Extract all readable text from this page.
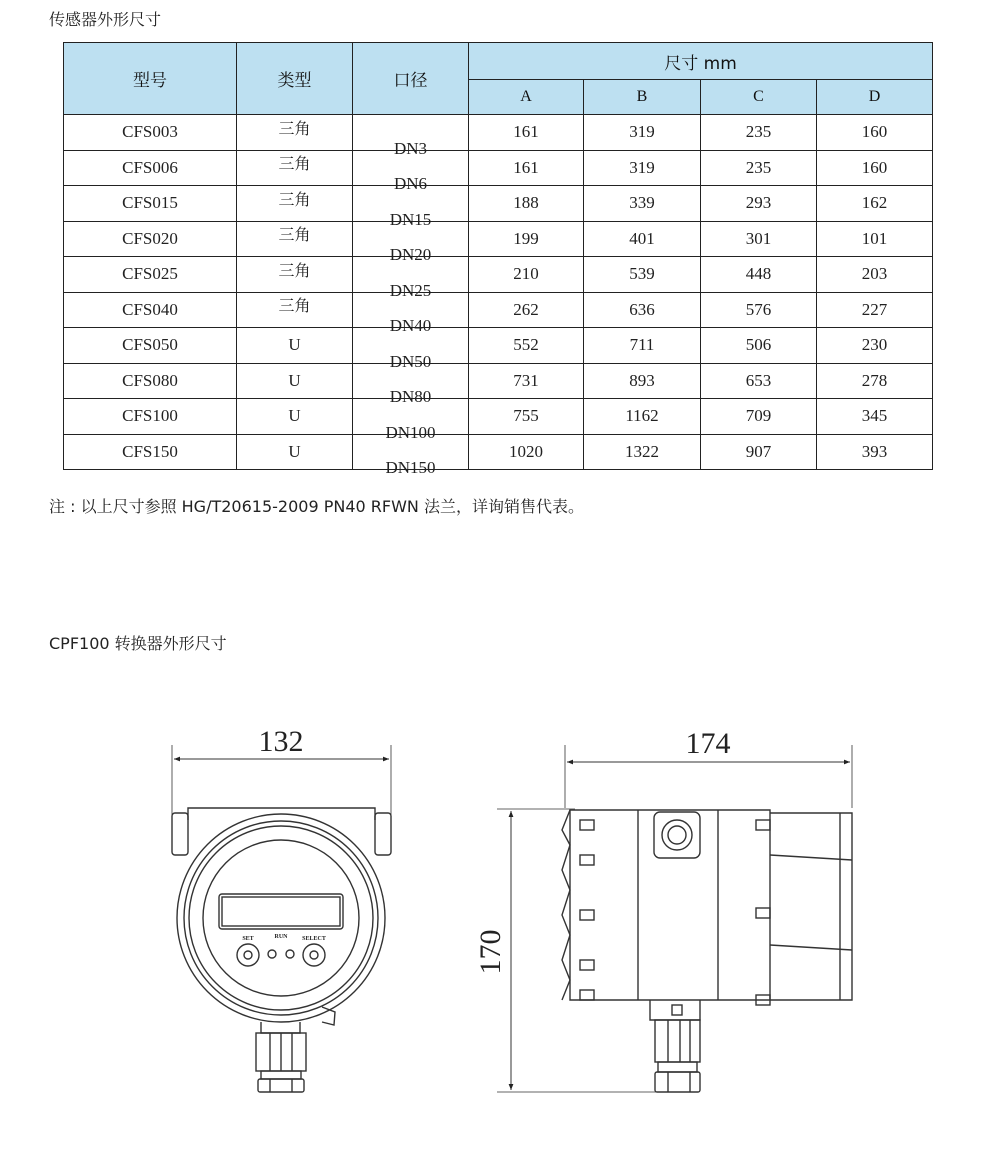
传感器外形尺寸
型号	类型	口径	尺寸 mm			
			A	B	C	D
CFS003	三角	DN3	161	319	235	160
CFS006	三角	DN6	161	319	235	160
CFS015	三角	DN15	188	339	293	162
CFS020	三角	DN20	199	401	301	101
CFS025	三角	DN25	210	539	448	203
CFS040	三角	DN40	262	636	576	227
CFS050	U	DN50	552	711	506	230
CFS080	U	DN80	731	893	653	278
CFS100	U	DN100	755	1162	709	345
CFS150	U	DN150	1020	1322	907	393
注 : 以上尺寸参照 HG/T20615-2009 PN40 RFWN 法兰，详询销售代表。
CPF100 转换器外形尺寸
132
SET	RUN SELECT
174
170
